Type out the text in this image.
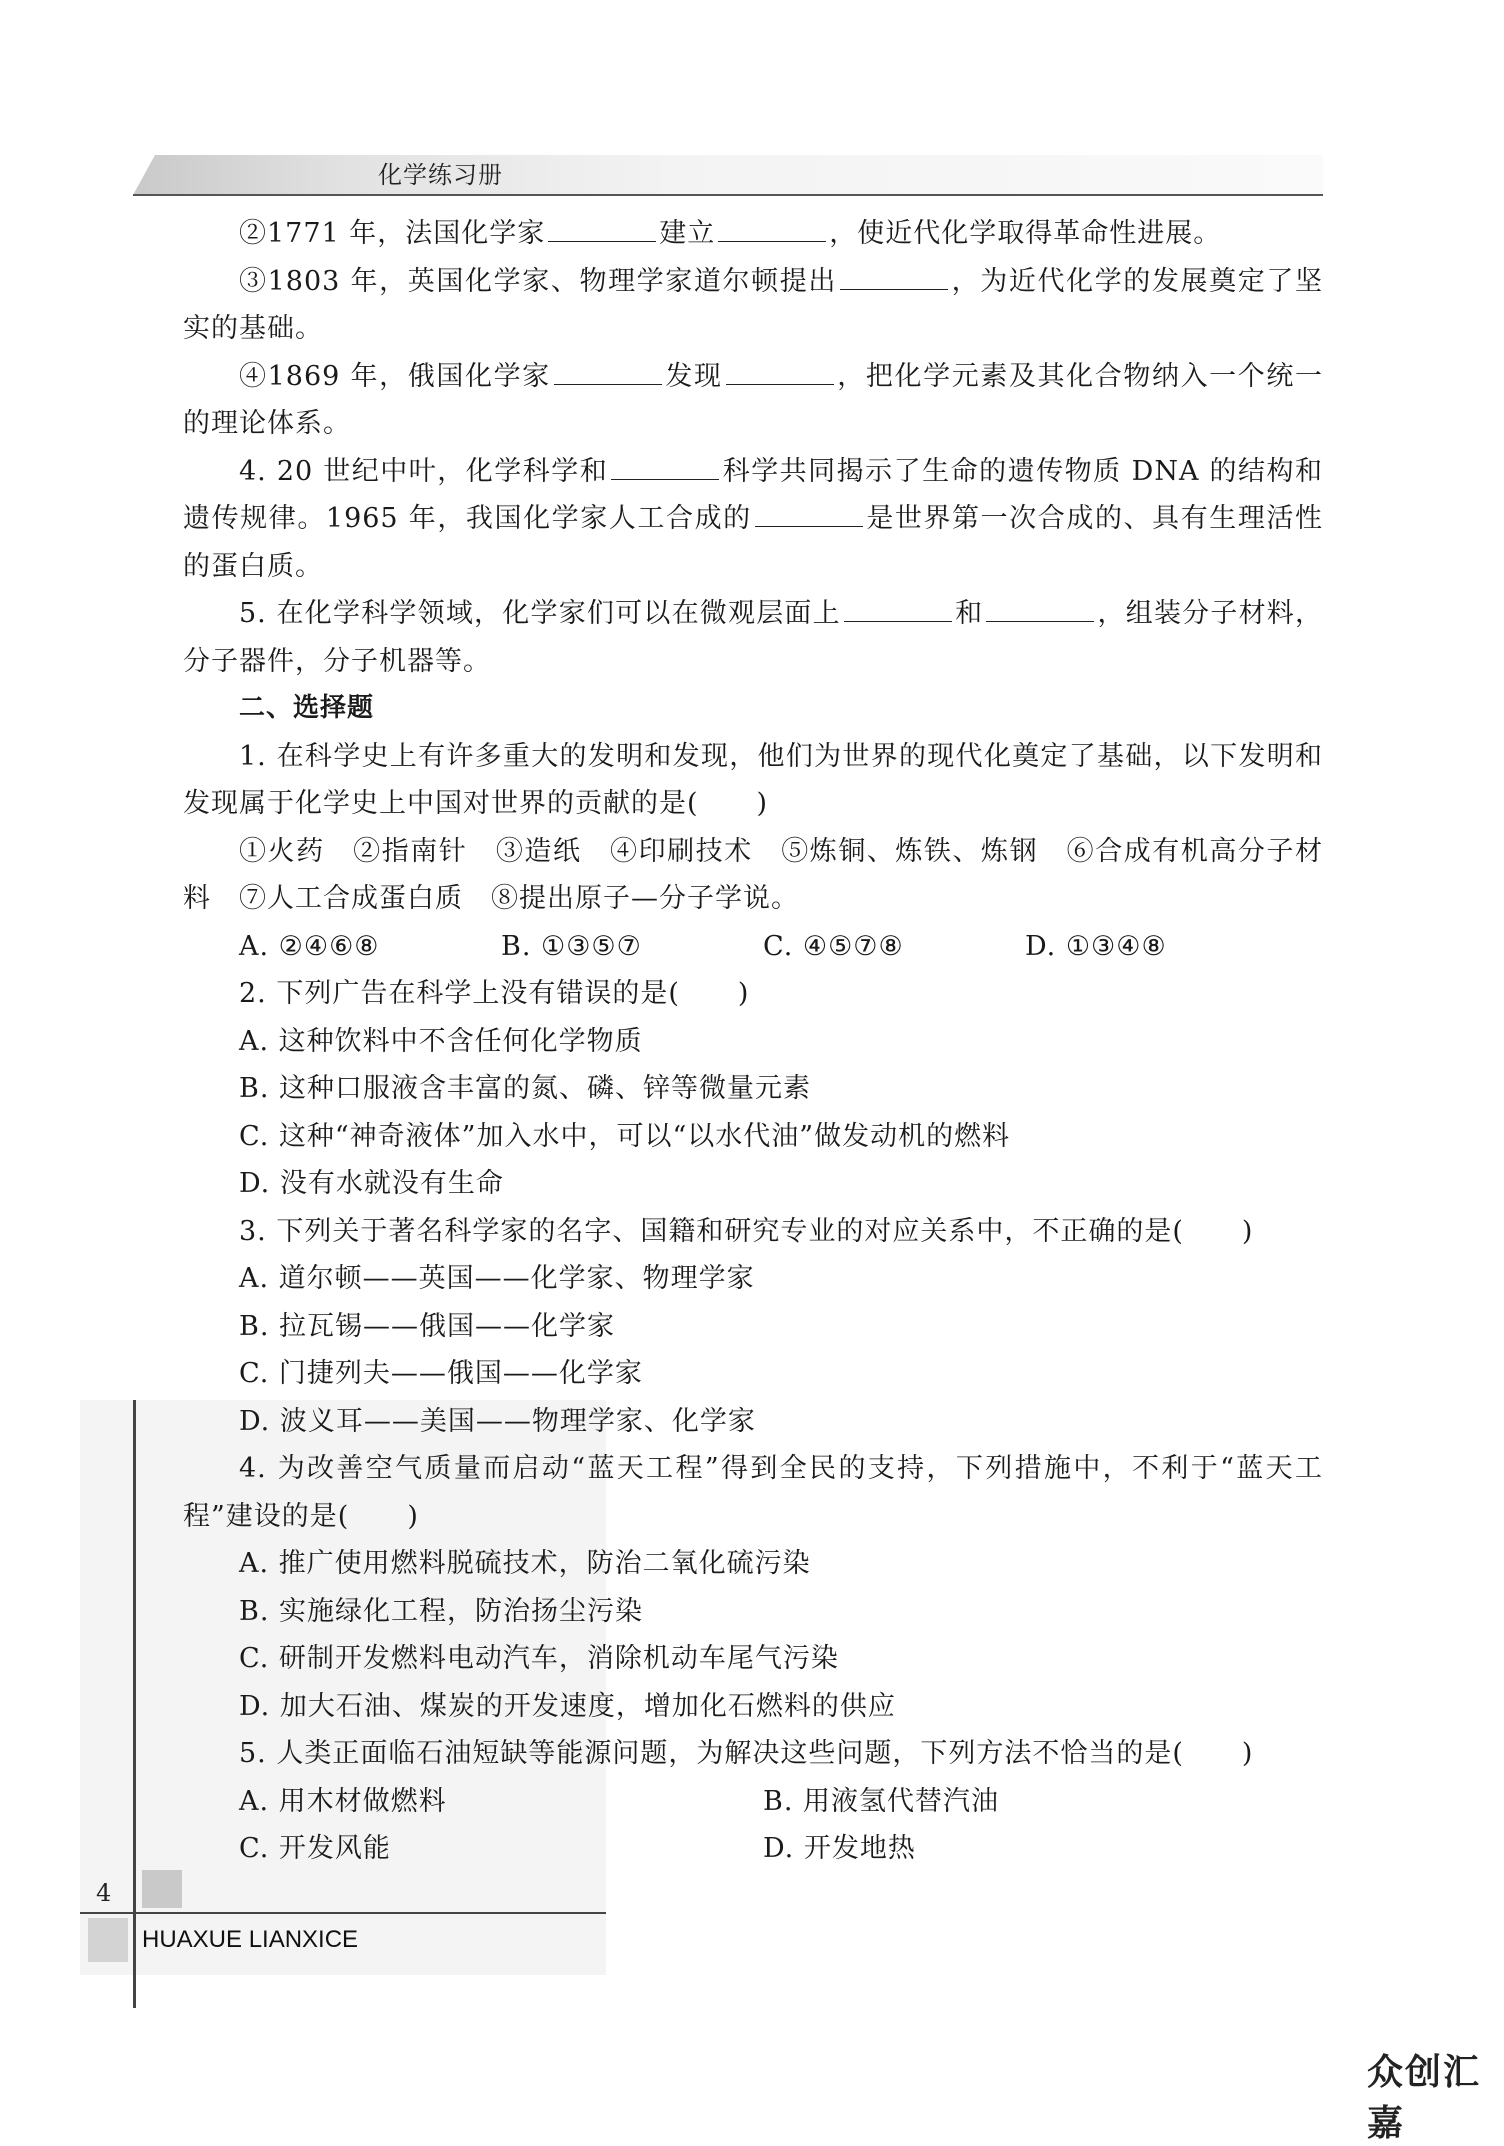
化学练习册

②1771 年，法国化学家	建立	，使近代化学取得革命性进展。

③1803 年，英国化学家、物理学家道尔顿提出	，为近代化学的发展奠定了坚实的基础。

④1869 年，俄国化学家	发现	，把化学元素及其化合物纳入一个统一的理论体系。

4. 20 世纪中叶，化学科学和	科学共同揭示了生命的遗传物质 DNA 的结构和遗传规律。1965 年，我国化学家人工合成的	是世界第一次合成的、具有生理活性的蛋白质。

5. 在化学科学领域，化学家们可以在微观层面上	和	，组装分子材料，分子器件，分子机器等。

二、选择题

1. 在科学史上有许多重大的发明和发现，他们为世界的现代化奠定了基础，以下发明和发现属于化学史上中国对世界的贡献的是( )

①火药　②指南针　③造纸　④印刷技术　⑤炼铜、炼铁、炼钢　⑥合成有机高分子材料　⑦人工合成蛋白质　⑧提出原子—分子学说。

A. ②④⑥⑧	B. ①③⑤⑦	C. ④⑤⑦⑧	D. ①③④⑧

2. 下列广告在科学上没有错误的是( )

A. 这种饮料中不含任何化学物质

B. 这种口服液含丰富的氮、磷、锌等微量元素

C. 这种“神奇液体”加入水中，可以“以水代油”做发动机的燃料

D. 没有水就没有生命

3. 下列关于著名科学家的名字、国籍和研究专业的对应关系中，不正确的是( )

A. 道尔顿——英国——化学家、物理学家

B. 拉瓦锡——俄国——化学家

C. 门捷列夫——俄国——化学家

D. 波义耳——美国——物理学家、化学家

4. 为改善空气质量而启动“蓝天工程”得到全民的支持，下列措施中，不利于“蓝天工程”建设的是( )

A. 推广使用燃料脱硫技术，防治二氧化硫污染

B. 实施绿化工程，防治扬尘污染

C. 研制开发燃料电动汽车，消除机动车尾气污染

D. 加大石油、煤炭的开发速度，增加化石燃料的供应

5. 人类正面临石油短缺等能源问题，为解决这些问题，下列方法不恰当的是( )

A. 用木材做燃料	B. 用液氢代替汽油
C. 开发风能	D. 开发地热
4
HUAXUE LIANXICE
众创汇嘉
